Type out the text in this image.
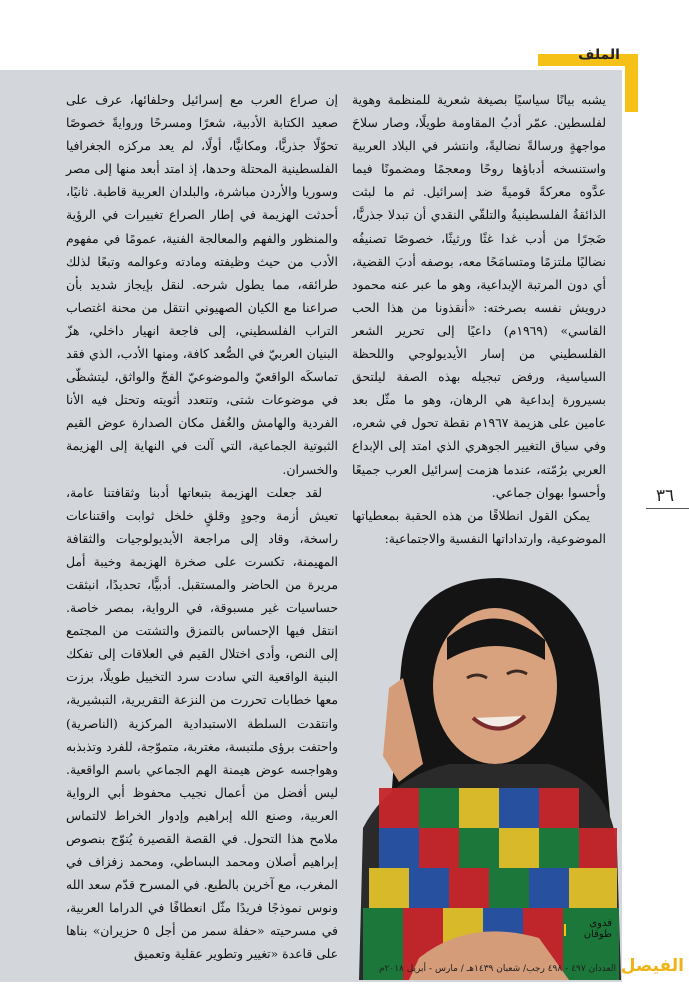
الملف

يشبه بيانًا سياسيًا بصيغة شعرية للمنظمة وهوية لفلسطين. عمّر أدبُ المقاومة طويلًا، وصار سلاحَ مواجهةٍ ورسالةً نضاليةً، وانتشر في البلاد العربية واستنسخه أدباؤها روحًا ومعجمًا ومضمونًا فيما عدَّوه معركةً قوميةً ضد إسرائيل. ثم ما لبثت الذائقةُ الفلسطينيةُ والتلقّي النقدي أن تبدلا جذريًّا، ضَجرًا من أدب غدا غثًا ورثيثًا، خصوصًا تصنيفُه نضاليًا ملتزمًا ومتسامَحًا معه، بوصفه أدبَ القضية، أي دون المرتبة الإبداعية، وهو ما عبر عنه محمود درويش نفسه بصرخته: «أنقذونا من هذا الحب القاسي» (١٩٦٩م) داعيًا إلى تحرير الشعر الفلسطيني من إسار الأيديولوجي واللحظة السياسية، ورفض تبجيله بهذه الصفة ليلتحق بسيرورة إبداعية هي الرهان، وهو ما مثّل بعد عامين على هزيمة ١٩٦٧م نقطة تحول في شعره، وفي سياق التغيير الجوهري الذي امتد إلى الإبداع العربي برُمّته، عندما هزمت إسرائيل العرب جميعًا وأحسوا بهوان جماعي.

يمكن القول انطلاقًا من هذه الحقبة بمعطياتها الموضوعية، وارتداداتها النفسية والاجتماعية:

إن صراع العرب مع إسرائيل وحلفائها، عرف على صعيد الكتابة الأدبية، شعرًا ومسرحًا وروايةً خصوصًا تحوّلًا جذريًّا، ومكانيًّا، أولًا، لم يعد مركزه الجغرافيا الفلسطينية المحتلة وحدها، إذ امتد أبعد منها إلى مصر وسوريا والأردن مباشرة، والبلدان العربية قاطبة. ثانيًا، أحدثت الهزيمة في إطار الصراع تغييرات في الرؤية والمنظور والفهم والمعالجة الفنية، عمومًا في مفهوم الأدب من حيث وظيفته ومادته وعوالمه وتبعًا لذلك طرائقه، مما يطول شرحه. لنقل بإيجاز شديد بأن صراعنا مع الكيان الصهيوني انتقل من محنة اغتصاب التراب الفلسطيني، إلى فاجعة انهيار داخلي، هزّ البنيان العربيّ في الصُّعد كافة، ومنها الأدب، الذي فقد تماسكَه الواقعيّ والموضوعيّ الفجّ والواثق، ليتشظّى في موضوعات شتى، وتتعدد أثويته وتحتل فيه الأنا الفردية والهامش والغُفل مكان الصدارة عوض القيم الثبوتية الجماعية، التي آلت في النهاية إلى الهزيمة والخسران.

لقد جعلت الهزيمة بتبعاتها أدبنا وثقافتنا عامة، تعيش أزمة وجودٍ وقلقٍ خلخل ثوابت واقتناعات راسخة، وقاد إلى مراجعة الأيديولوجيات والثقافة المهيمنة، تكسرت على صخرة الهزيمة وخيبة أمل مريرة من الحاضر والمستقبل. أدبيًّا، تحديدًا، انبثقت حساسيات غير مسبوقة، في الرواية، بمصر خاصة. انتقل فيها الإحساس بالتمزق والتشتت من المجتمع إلى النص، وأدى اختلال القيم في العلاقات إلى تفكك البنية الواقعية التي سادت سرد التخييل طويلًا، برزت معها خطابات تحررت من النزعة التقريرية، التبشيرية، وانتقدت السلطة الاستبدادية المركزية (الناصرية) واحتفت برؤى ملتبسة، مغتربة، متموّجة، للفرد وتذبذبه وهواجسه عوض هيمنة الهم الجماعي باسم الواقعية. ليس أفضل من أعمال نجيب محفوظ أبي الرواية العربية، وصنع الله إبراهيم وإدوار الخراط لالتماس ملامح هذا التحول. في القصة القصيرة يُتوّج بنصوص إبراهيم أصلان ومحمد البساطي، ومحمد زفزاف في المغرب، مع آخرين بالطبع. في المسرح قدّم سعد الله ونوس نموذجًا فريدًا مثّل انعطافًا في الدراما العربية، في مسرحيته «حفلة سمر من أجل ٥ حزيران» بناها على قاعدة «تغيير وتطوير عقلية وتعميق

٣٦
فدوى طوقان
العددان ٤٩٧ - ٤٩٨ رجب/ شعبان ١٤٣٩هـ / مارس - أبريل ٢٠١٨م الفيصل
